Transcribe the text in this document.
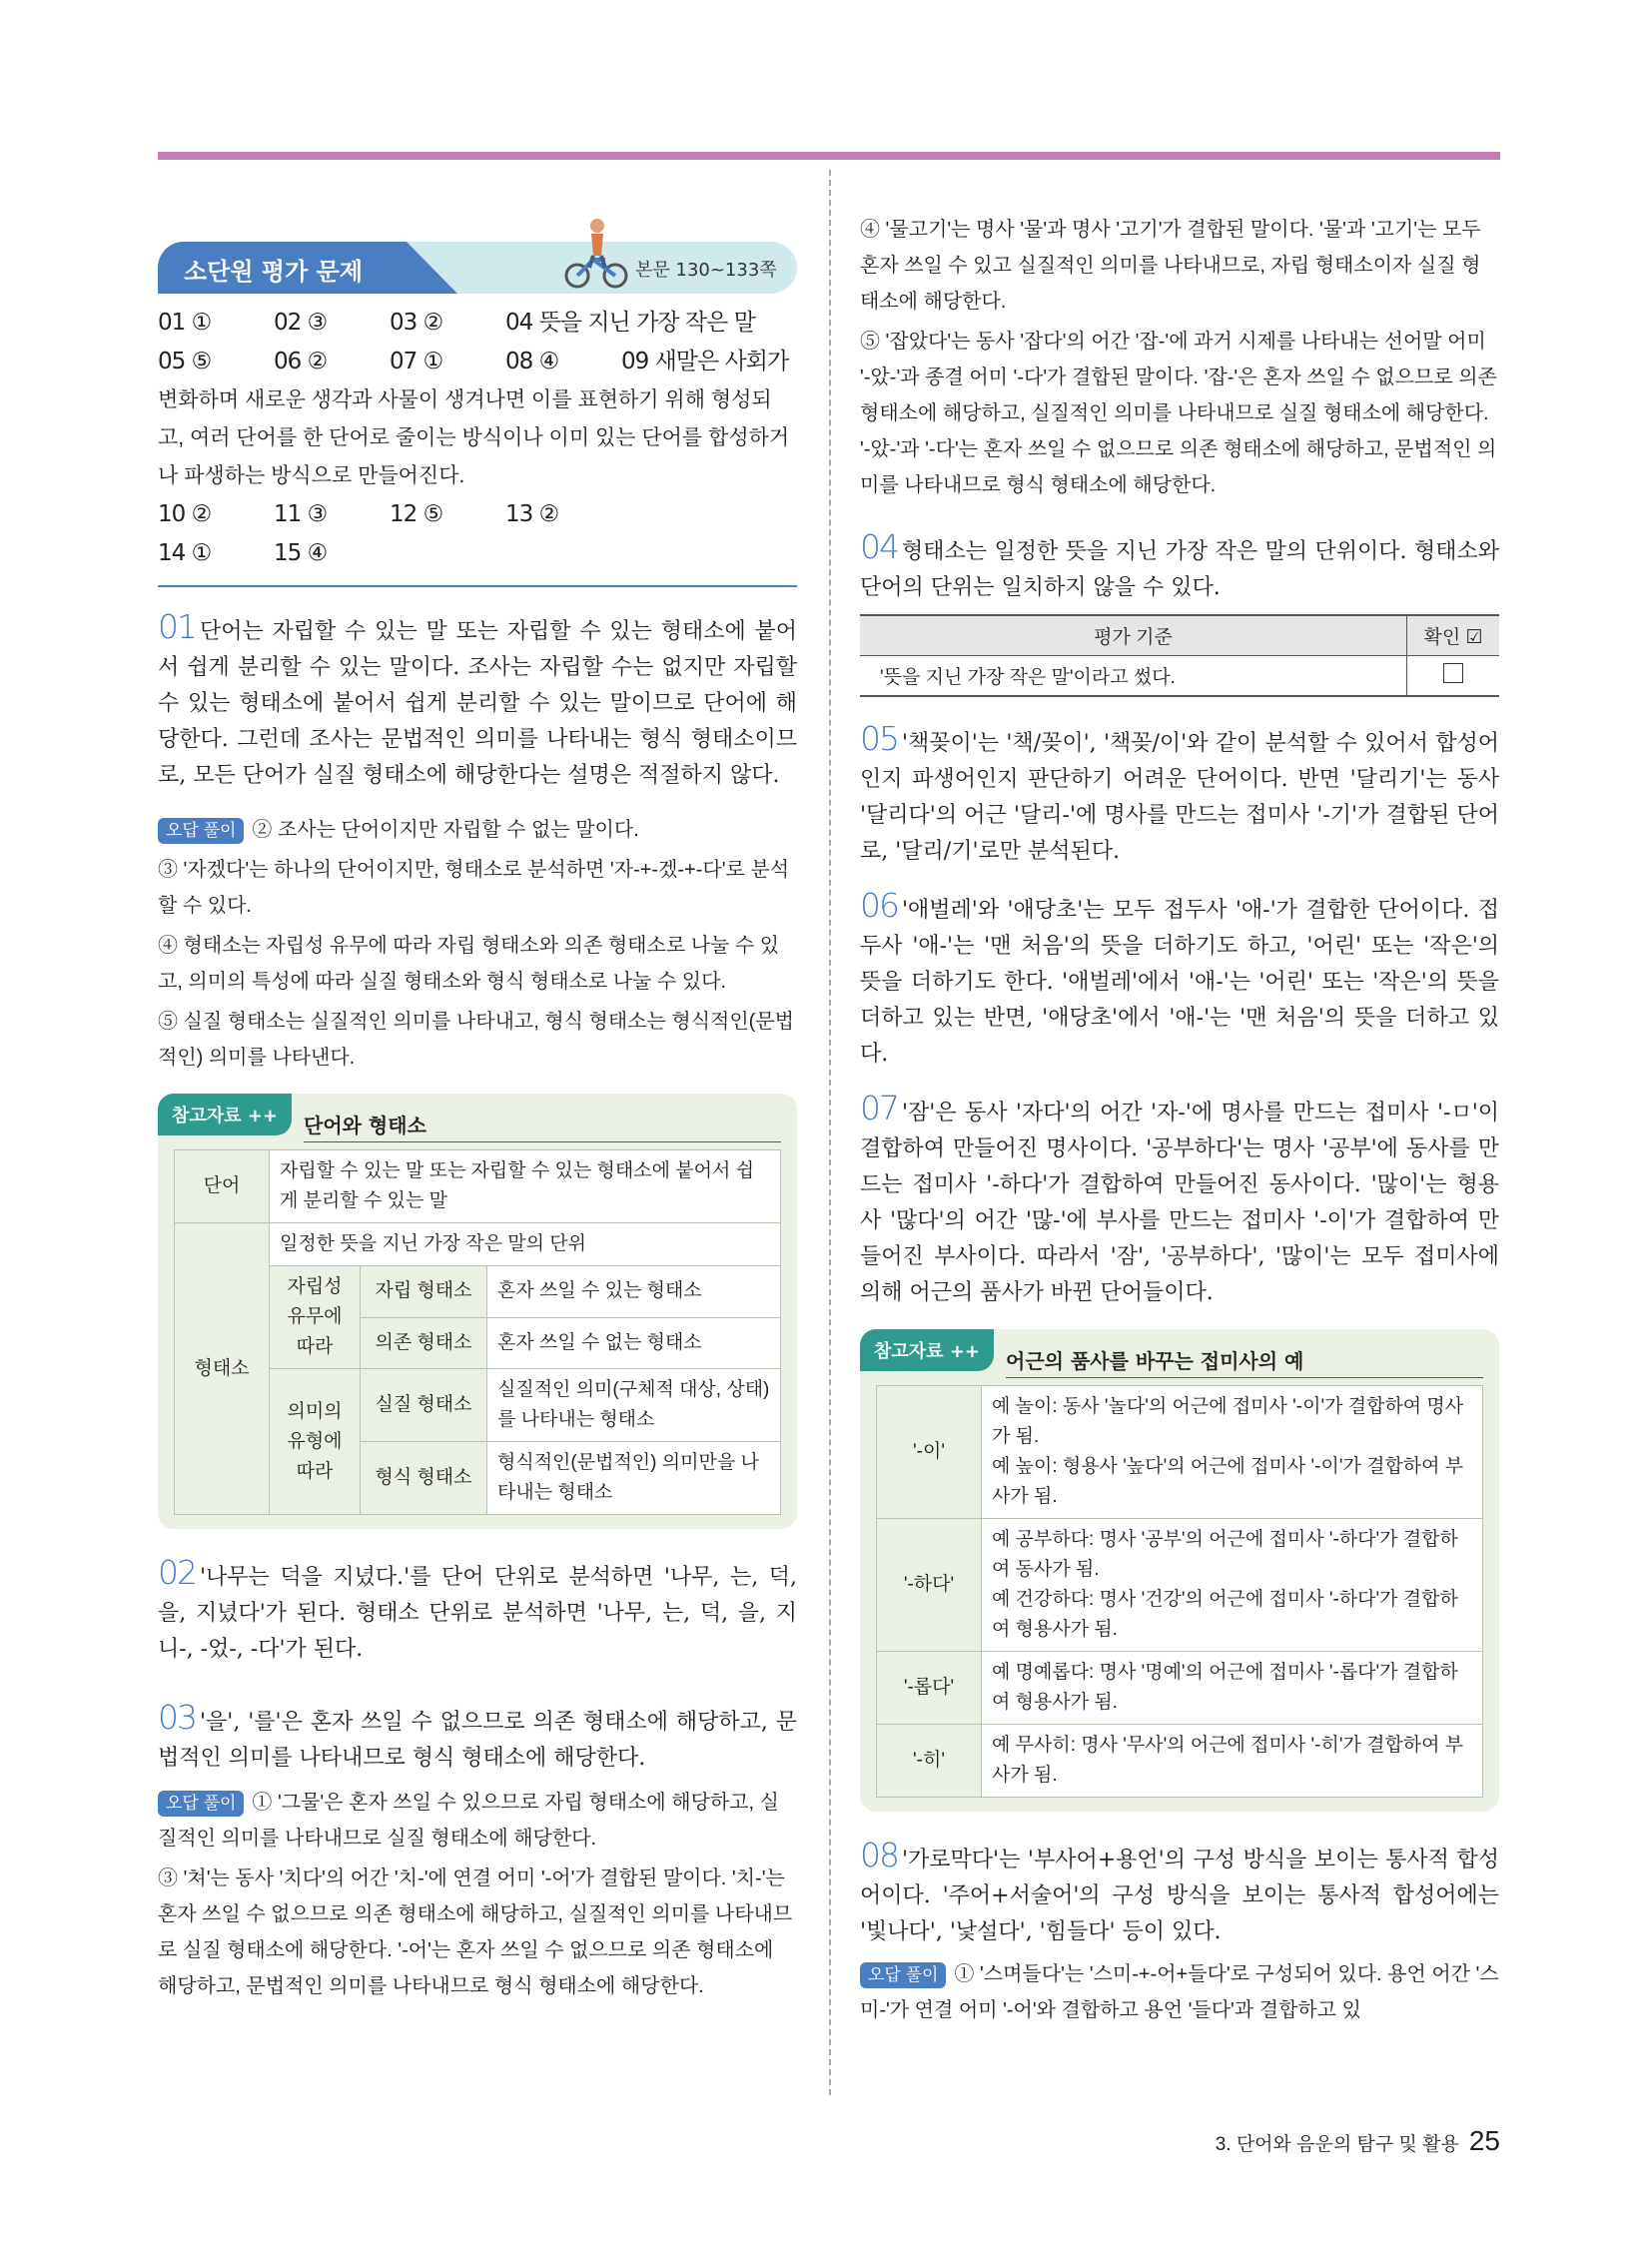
소단원 평가 문제	본문 130~133쪽
01 ①	02 ③	03 ②	04 뜻을 지닌 가장 작은 말
05 ⑤	06 ②	07 ①	08 ④	09 새말은 사회가
변화하며 새로운 생각과 사물이 생겨나면 이를 표현하기 위해 형성되고, 여러 단어를 한 단어로 줄이는 방식이나 이미 있는 단어를 합성하거나 파생하는 방식으로 만들어진다.
10 ②	11 ③	12 ⑤	13 ②
14 ①	15 ④
01 단어는 자립할 수 있는 말 또는 자립할 수 있는 형태소에 붙어서 쉽게 분리할 수 있는 말이다. 조사는 자립할 수는 없지만 자립할 수 있는 형태소에 붙어서 쉽게 분리할 수 있는 말이므로 단어에 해당한다. 그런데 조사는 문법적인 의미를 나타내는 형식 형태소이므로, 모든 단어가 실질 형태소에 해당한다는 설명은 적절하지 않다.
오답 풀이 ② 조사는 단어이지만 자립할 수 없는 말이다.
③ '자겠다'는 하나의 단어이지만, 형태소로 분석하면 '자-+-겠-+-다'로 분석할 수 있다.
④ 형태소는 자립성 유무에 따라 자립 형태소와 의존 형태소로 나눌 수 있고, 의미의 특성에 따라 실질 형태소와 형식 형태소로 나눌 수 있다.
⑤ 실질 형태소는 실질적인 의미를 나타내고, 형식 형태소는 형식적인(문법적인) 의미를 나타낸다.
참고자료 ++	단어와 형태소
단어	자립할 수 있는 말 또는 자립할 수 있는 형태소에 붙어서 쉽게 분리할 수 있는 말		
형태소	일정한 뜻을 지닌 가장 작은 말의 단위		
	자립성 유무에 따라	자립 형태소	혼자 쓰일 수 있는 형태소
		의존 형태소	혼자 쓰일 수 없는 형태소
	의미의 유형에 따라	실질 형태소	실질적인 의미(구체적 대상, 상태)를 나타내는 형태소
		형식 형태소	형식적인(문법적인) 의미만을 나타내는 형태소
02 '나무는 덕을 지녔다.'를 단어 단위로 분석하면 '나무, 는, 덕, 을, 지녔다'가 된다. 형태소 단위로 분석하면 '나무, 는, 덕, 을, 지니-, -었-, -다'가 된다.
03 '을', '를'은 혼자 쓰일 수 없으므로 의존 형태소에 해당하고, 문법적인 의미를 나타내므로 형식 형태소에 해당한다.
오답 풀이 ① '그물'은 혼자 쓰일 수 있으므로 자립 형태소에 해당하고, 실질적인 의미를 나타내므로 실질 형태소에 해당한다.
③ '쳐'는 동사 '치다'의 어간 '치-'에 연결 어미 '-어'가 결합된 말이다. '치-'는 혼자 쓰일 수 없으므로 의존 형태소에 해당하고, 실질적인 의미를 나타내므로 실질 형태소에 해당한다. '-어'는 혼자 쓰일 수 없으므로 의존 형태소에 해당하고, 문법적인 의미를 나타내므로 형식 형태소에 해당한다.
④ '물고기'는 명사 '물'과 명사 '고기'가 결합된 말이다. '물'과 '고기'는 모두 혼자 쓰일 수 있고 실질적인 의미를 나타내므로, 자립 형태소이자 실질 형태소에 해당한다.
⑤ '잡았다'는 동사 '잡다'의 어간 '잡-'에 과거 시제를 나타내는 선어말 어미 '-았-'과 종결 어미 '-다'가 결합된 말이다. '잡-'은 혼자 쓰일 수 없으므로 의존 형태소에 해당하고, 실질적인 의미를 나타내므로 실질 형태소에 해당한다. '-았-'과 '-다'는 혼자 쓰일 수 없으므로 의존 형태소에 해당하고, 문법적인 의미를 나타내므로 형식 형태소에 해당한다.
04 형태소는 일정한 뜻을 지닌 가장 작은 말의 단위이다. 형태소와 단어의 단위는 일치하지 않을 수 있다.
평가 기준	확인 ☑
'뜻을 지닌 가장 작은 말'이라고 썼다.	
05 '책꽂이'는 '책/꽂이', '책꽂/이'와 같이 분석할 수 있어서 합성어인지 파생어인지 판단하기 어려운 단어이다. 반면 '달리기'는 동사 '달리다'의 어근 '달리-'에 명사를 만드는 접미사 '-기'가 결합된 단어로, '달리/기'로만 분석된다.
06 '애벌레'와 '애당초'는 모두 접두사 '애-'가 결합한 단어이다. 접두사 '애-'는 '맨 처음'의 뜻을 더하기도 하고, '어린' 또는 '작은'의 뜻을 더하기도 한다. '애벌레'에서 '애-'는 '어린' 또는 '작은'의 뜻을 더하고 있는 반면, '애당초'에서 '애-'는 '맨 처음'의 뜻을 더하고 있다.
07 '잠'은 동사 '자다'의 어간 '자-'에 명사를 만드는 접미사 '-ㅁ'이 결합하여 만들어진 명사이다. '공부하다'는 명사 '공부'에 동사를 만드는 접미사 '-하다'가 결합하여 만들어진 동사이다. '많이'는 형용사 '많다'의 어간 '많-'에 부사를 만드는 접미사 '-이'가 결합하여 만들어진 부사이다. 따라서 '잠', '공부하다', '많이'는 모두 접미사에 의해 어근의 품사가 바뀐 단어들이다.
참고자료 ++	어근의 품사를 바꾸는 접미사의 예
'-이'	예 놀이: 동사 '놀다'의 어근에 접미사 '-이'가 결합하여 명사가 됨.
예 높이: 형용사 '높다'의 어근에 접미사 '-이'가 결합하여 부사가 됨.

'-하다'	예 공부하다: 명사 '공부'의 어근에 접미사 '-하다'가 결합하여 동사가 됨.
예 건강하다: 명사 '건강'의 어근에 접미사 '-하다'가 결합하여 형용사가 됨.

'-롭다'	예 명예롭다: 명사 '명예'의 어근에 접미사 '-롭다'가 결합하여 형용사가 됨.
'-히'	예 무사히: 명사 '무사'의 어근에 접미사 '-히'가 결합하여 부사가 됨.
08 '가로막다'는 '부사어+용언'의 구성 방식을 보이는 통사적 합성어이다. '주어+서술어'의 구성 방식을 보이는 통사적 합성어에는 '빛나다', '낯설다', '힘들다' 등이 있다.
오답 풀이 ① '스며들다'는 '스미-+-어+들다'로 구성되어 있다. 용언 어간 '스미-'가 연결 어미 '-어'와 결합하고 용언 '들다'과 결합하고 있
3. 단어와 음운의 탐구 및 활용 25
